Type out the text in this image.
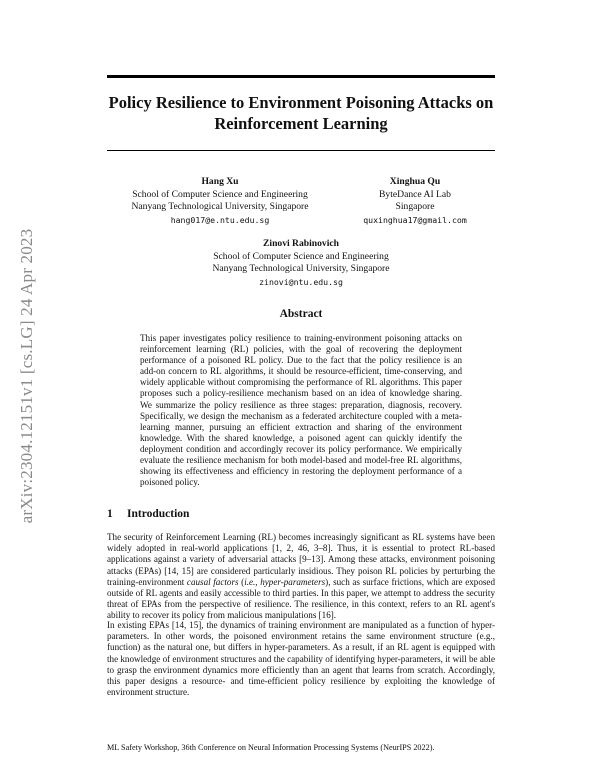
arXiv:2304.12151v1 [cs.LG] 24 Apr 2023
Policy Resilience to Environment Poisoning Attacks on Reinforcement Learning
Hang Xu
School of Computer Science and Engineering
Nanyang Technological University, Singapore
hang017@e.ntu.edu.sg
Xinghua Qu
ByteDance AI Lab
Singapore
quxinghua17@gmail.com
Zinovi Rabinovich
School of Computer Science and Engineering
Nanyang Technological University, Singapore
zinovi@ntu.edu.sg
Abstract
This paper investigates policy resilience to training-environment poisoning attacks on reinforcement learning (RL) policies, with the goal of recovering the deployment performance of a poisoned RL policy. Due to the fact that the policy resilience is an add-on concern to RL algorithms, it should be resource-efficient, time-conserving, and widely applicable without compromising the performance of RL algorithms. This paper proposes such a policy-resilience mechanism based on an idea of knowledge sharing. We summarize the policy resilience as three stages: preparation, diagnosis, recovery. Specifically, we design the mechanism as a federated architecture coupled with a meta-learning manner, pursuing an efficient extraction and sharing of the environment knowledge. With the shared knowledge, a poisoned agent can quickly identify the deployment condition and accordingly recover its policy performance. We empirically evaluate the resilience mechanism for both model-based and model-free RL algorithms, showing its effectiveness and efficiency in restoring the deployment performance of a poisoned policy.
1 Introduction
The security of Reinforcement Learning (RL) becomes increasingly significant as RL systems have been widely adopted in real-world applications [1, 2, 46, 3–8]. Thus, it is essential to protect RL-based applications against a variety of adversarial attacks [9–13]. Among these attacks, environment poisoning attacks (EPAs) [14, 15] are considered particularly insidious. They poison RL policies by perturbing the training-environment causal factors (i.e., hyper-parameters), such as surface frictions, which are exposed outside of RL agents and easily accessible to third parties. In this paper, we attempt to address the security threat of EPAs from the perspective of resilience. The resilience, in this context, refers to an RL agent's ability to recover its policy from malicious manipulations [16].
In existing EPAs [14, 15], the dynamics of training environment are manipulated as a function of hyper-parameters. In other words, the poisoned environment retains the same environment structure (e.g., function) as the natural one, but differs in hyper-parameters. As a result, if an RL agent is equipped with the knowledge of environment structures and the capability of identifying hyper-parameters, it will be able to grasp the environment dynamics more efficiently than an agent that learns from scratch. Accordingly, this paper designs a resource- and time-efficient policy resilience by exploiting the knowledge of environment structure.
ML Safety Workshop, 36th Conference on Neural Information Processing Systems (NeurIPS 2022).
